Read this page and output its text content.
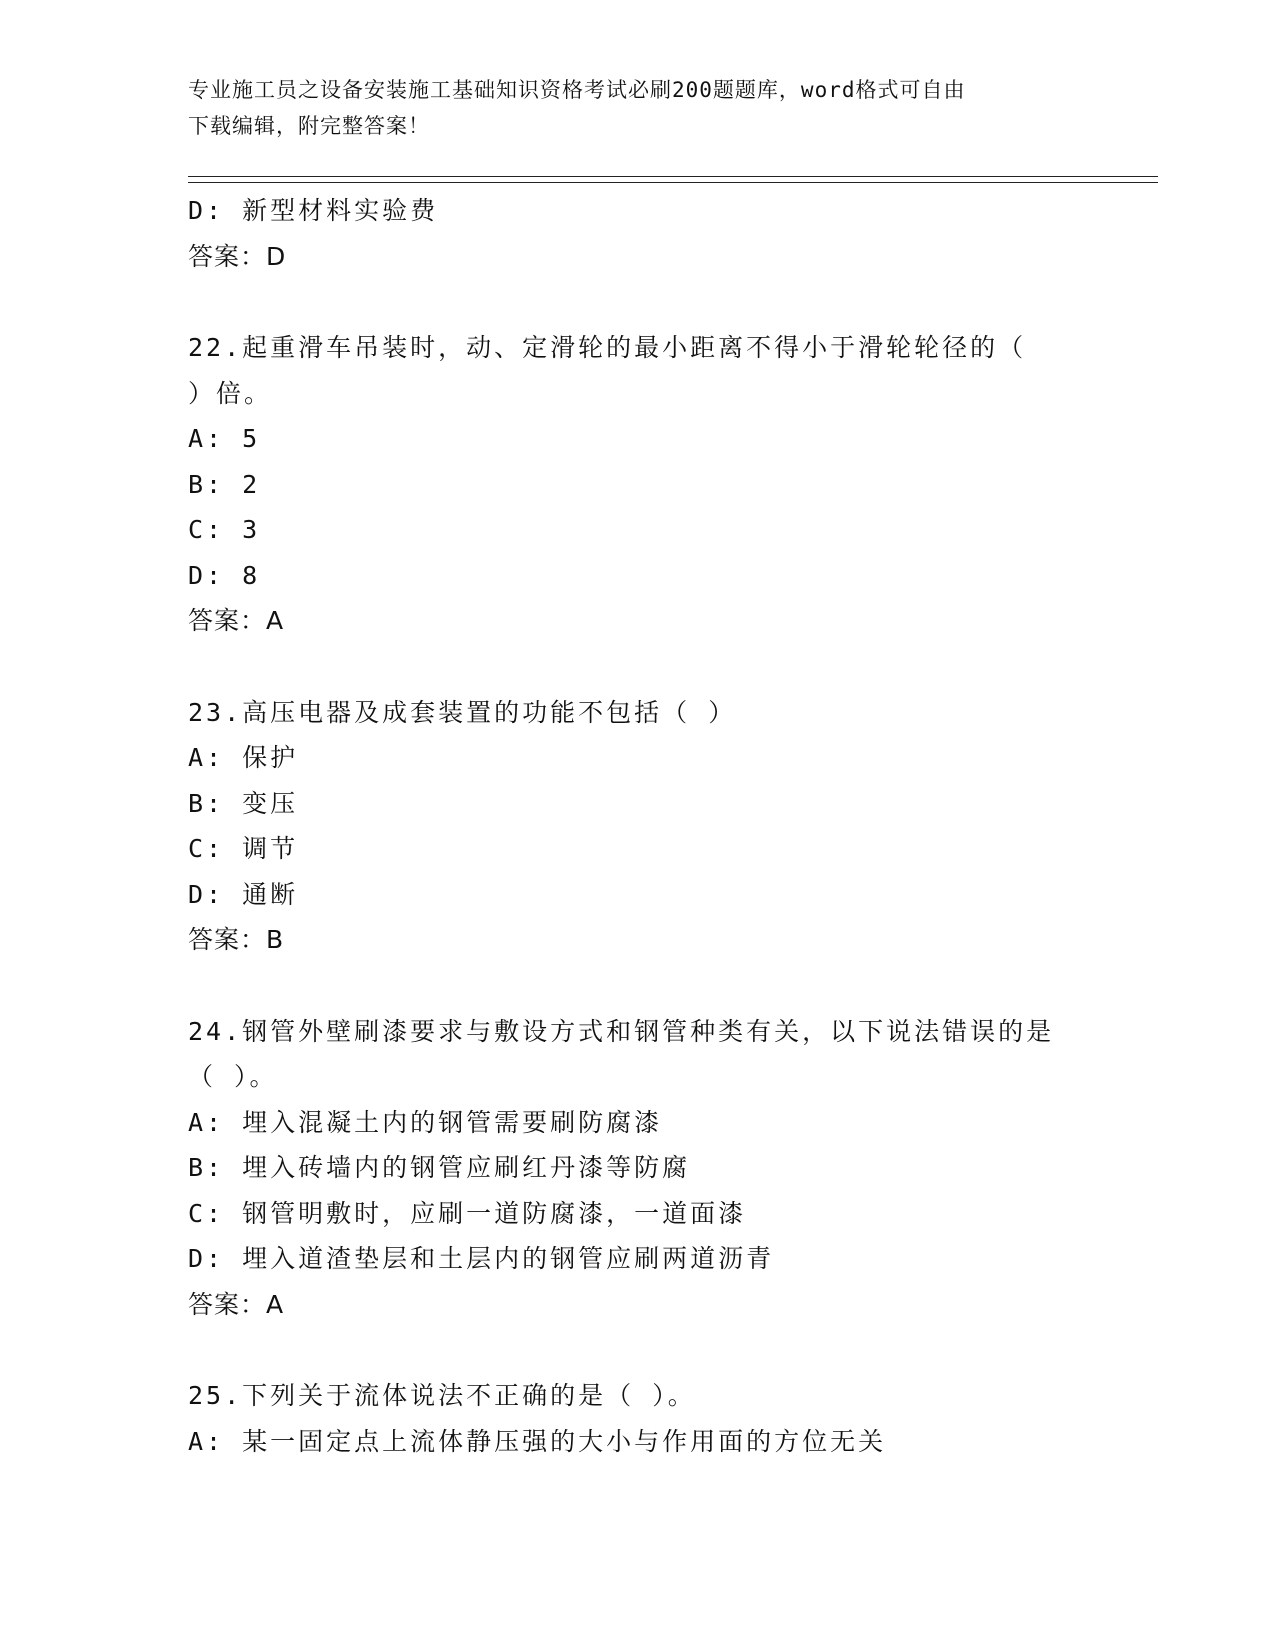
专业施工员之设备安装施工基础知识资格考试必刷200题题库，word格式可自由
下载编辑，附完整答案！
D: 新型材料实验费
答案：D
22.起重滑车吊装时，动、定滑轮的最小距离不得小于滑轮轮径的（
）倍。
A: 5
B: 2
C: 3
D: 8
答案：A
23.高压电器及成套装置的功能不包括（ ）
A: 保护
B: 变压
C: 调节
D: 通断
答案：B
24.钢管外壁刷漆要求与敷设方式和钢管种类有关，以下说法错误的是
（ ）。
A: 埋入混凝土内的钢管需要刷防腐漆
B: 埋入砖墙内的钢管应刷红丹漆等防腐
C: 钢管明敷时，应刷一道防腐漆，一道面漆
D: 埋入道渣垫层和土层内的钢管应刷两道沥青
答案：A
25.下列关于流体说法不正确的是（ ）。
A: 某一固定点上流体静压强的大小与作用面的方位无关
